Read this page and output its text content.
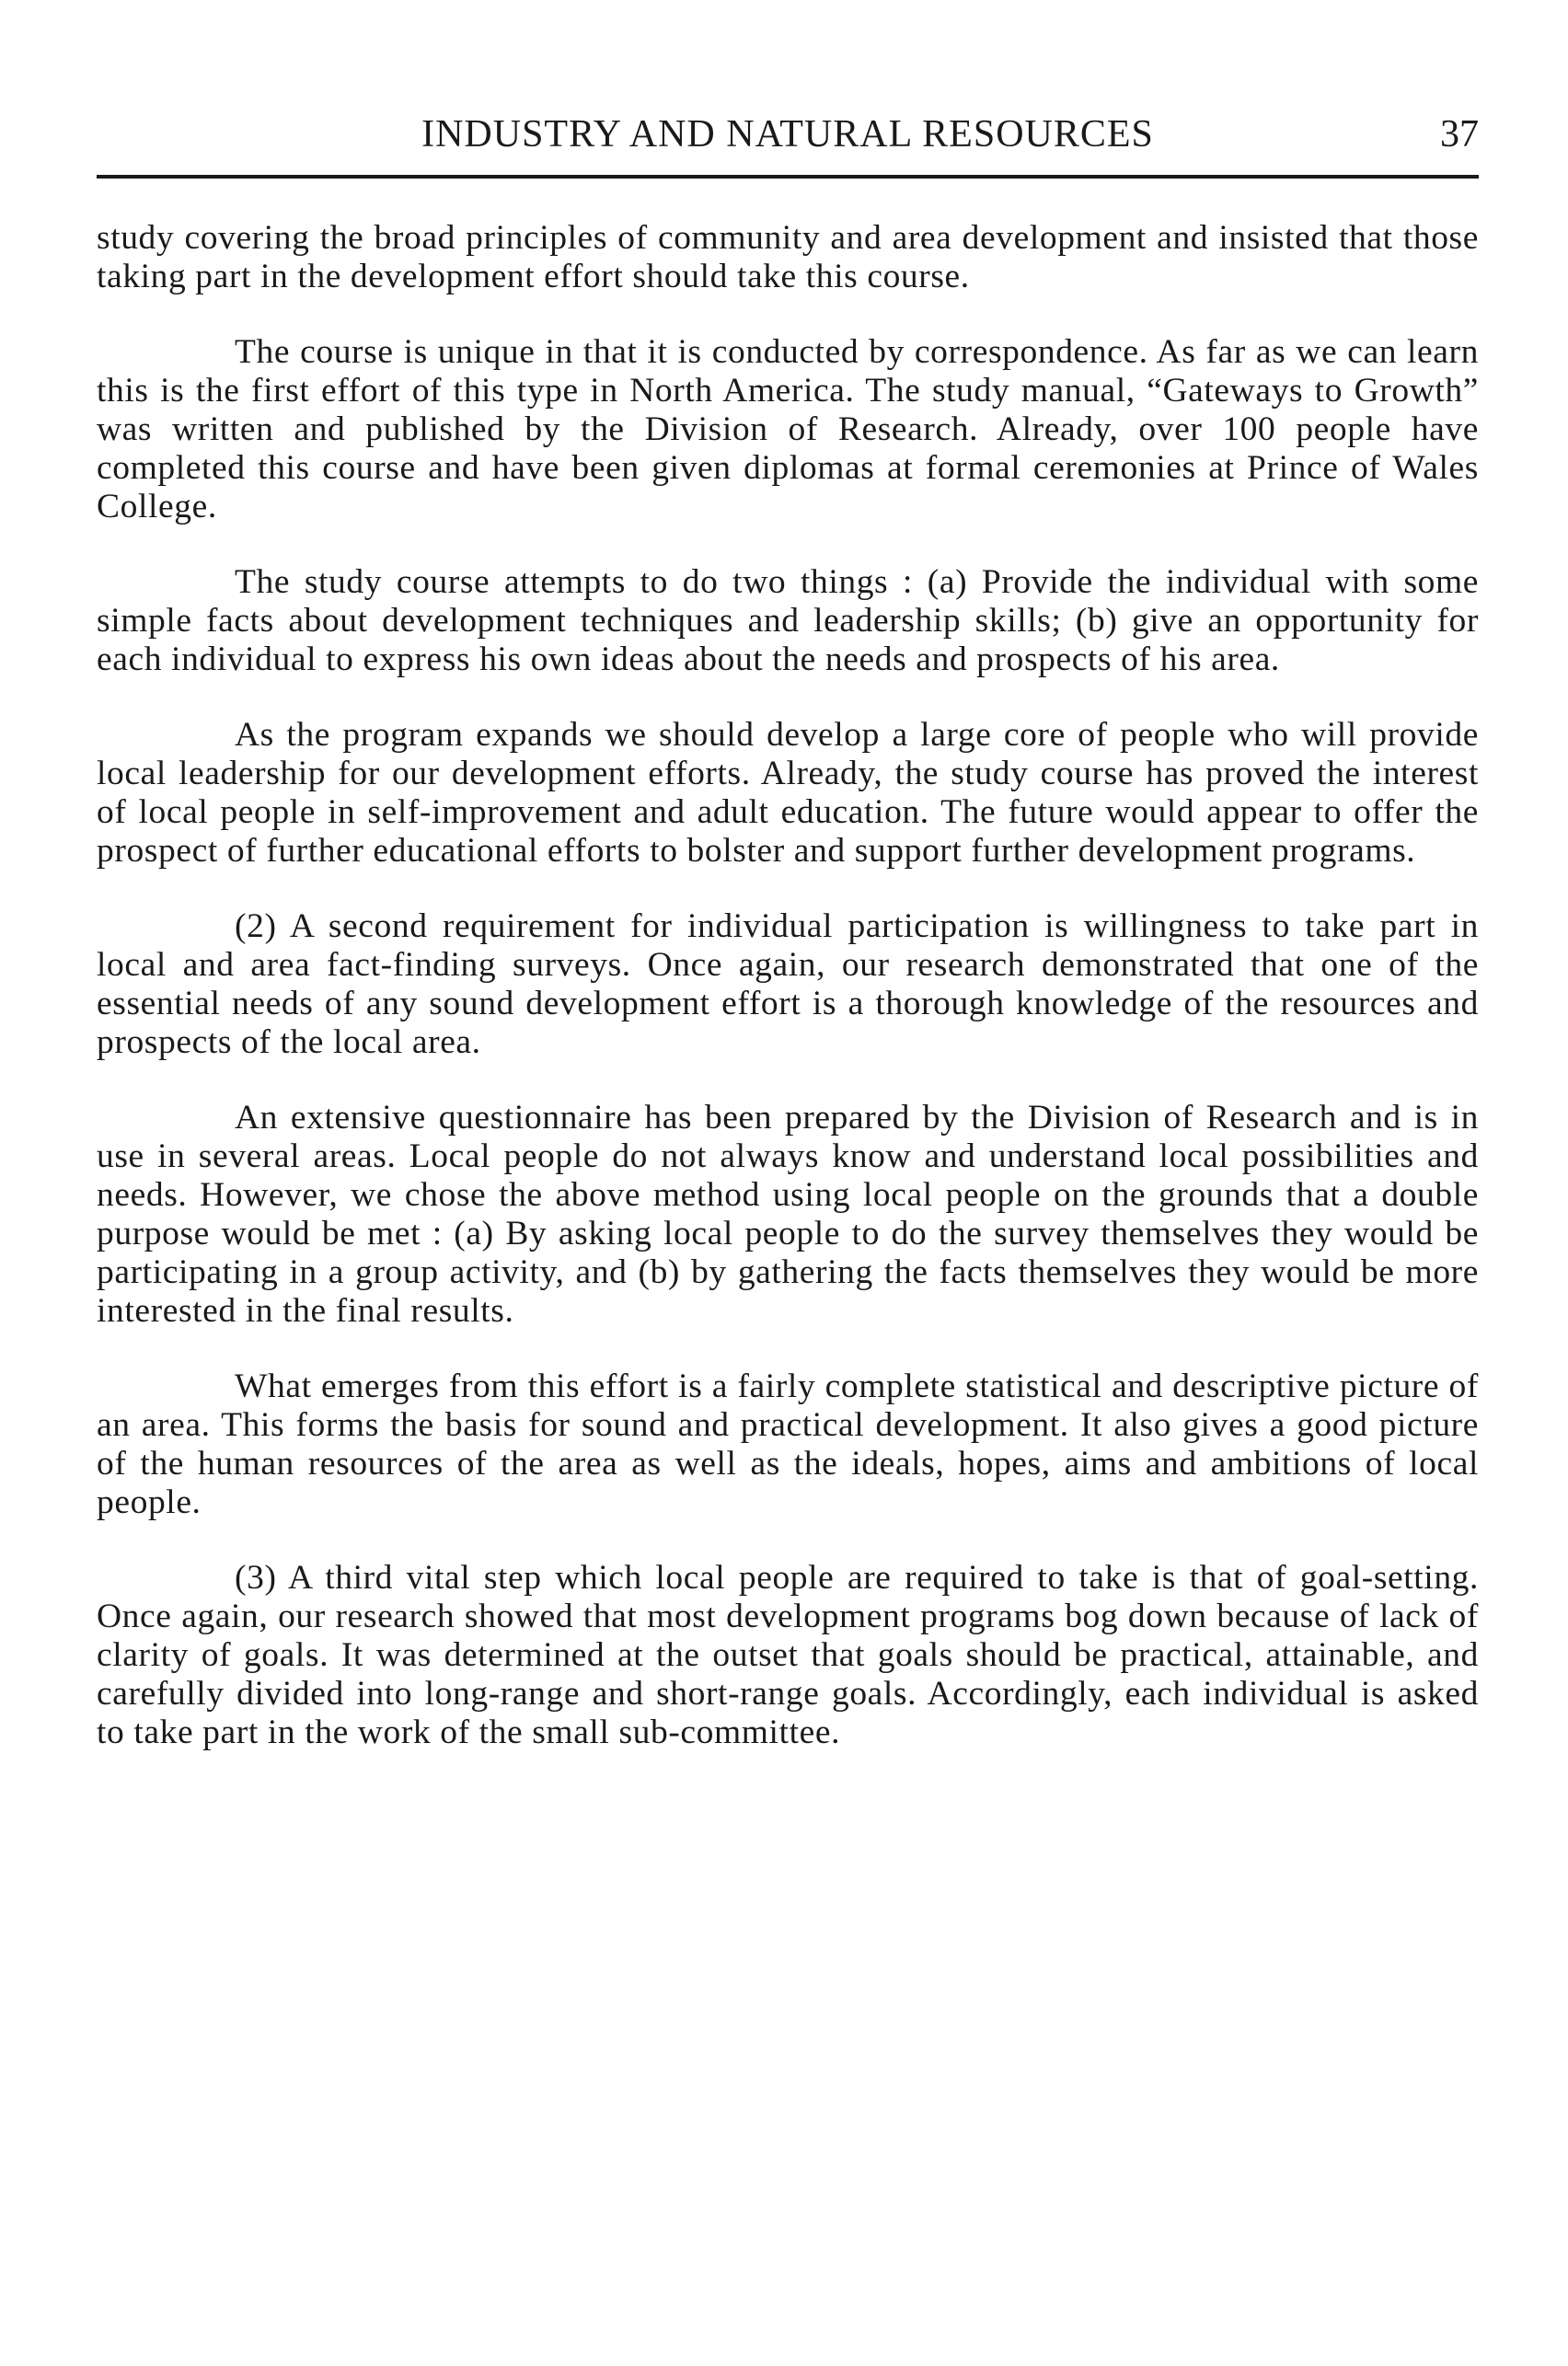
INDUSTRY AND NATURAL RESOURCES	37

study covering the broad principles of community and area development and insisted that those taking part in the development effort should take this course.

The course is unique in that it is conducted by correspondence. As far as we can learn this is the first effort of this type in North America. The study manual, “Gateways to Growth” was written and published by the Division of Research. Already, over 100 people have completed this course and have been given diplomas at formal ceremonies at Prince of Wales College.

The study course attempts to do two things : (a) Provide the individual with some simple facts about development techniques and leadership skills; (b) give an opportunity for each individual to express his own ideas about the needs and prospects of his area.

As the program expands we should develop a large core of people who will provide local leadership for our development efforts. Already, the study course has proved the interest of local people in self-improvement and adult education. The future would appear to offer the prospect of further educational efforts to bolster and support further development programs.

(2) A second requirement for individual participation is willingness to take part in local and area fact-finding surveys. Once again, our research demonstrated that one of the essential needs of any sound development effort is a thorough knowledge of the resources and prospects of the local area.

An extensive questionnaire has been prepared by the Division of Research and is in use in several areas. Local people do not always know and understand local possibilities and needs. However, we chose the above method using local people on the grounds that a double purpose would be met : (a) By asking local people to do the survey themselves they would be participating in a group activity, and (b) by gathering the facts themselves they would be more interested in the final results.

What emerges from this effort is a fairly complete statistical and descriptive picture of an area. This forms the basis for sound and practical development. It also gives a good picture of the human resources of the area as well as the ideals, hopes, aims and ambitions of local people.

(3) A third vital step which local people are required to take is that of goal-setting. Once again, our research showed that most development programs bog down because of lack of clarity of goals. It was determined at the outset that goals should be practical, attainable, and carefully divided into long-range and short-range goals. Accordingly, each individual is asked to take part in the work of the small sub-committee.
